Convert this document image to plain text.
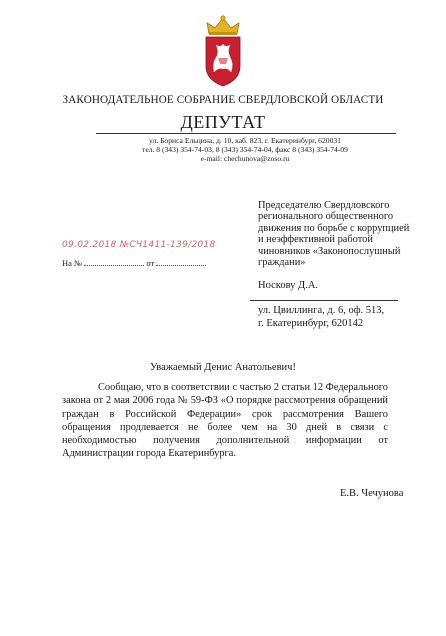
ЗАКОНОДАТЕЛЬНОЕ СОБРАНИЕ СВЕРДЛОВСКОЙ ОБЛАСТИ
ДЕПУТАТ
ул. Бориса Ельцина, д. 10, каб. 823, г. Екатеринбург, 620031
тел. 8 (343) 354-74-03, 8 (343) 354-74-04, факс 8 (343) 354-74-09
e-mail: chechunova@zoso.ru
Председателю Свердловского
регионального общественного
движения по борьбе с коррупцией
и неэффективной работой
чиновников «Законопослушный
граждани»
09.02.2018 №СЧ1411-139/2018
На №	от
Носкову Д.А.
ул. Цвиллинга, д. 6, оф. 513,
г. Екатеринбург, 620142
Уважаемый Денис Анатольевич!
Сообщаю, что в соответствии с частью 2 статьи 12 Федерального закона от 2 мая 2006 года № 59-ФЗ «О порядке рассмотрения обращений граждан в Российской Федерации» срок рассмотрения Вашего обращения продлевается не более чем на 30 дней в связи с необходимостью получения дополнительной информации от Администрации города Екатеринбурга.
Е.В. Чечунова
